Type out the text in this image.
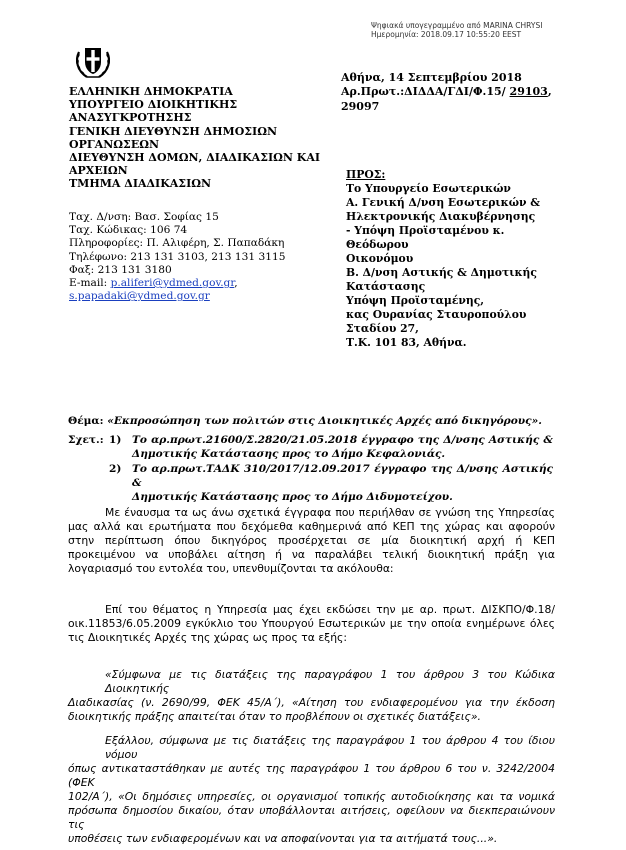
Ψηφιακά υπογεγραμμένο από MARINA CHRYSI
Ημερομηνία: 2018.09.17 10:55:20 EEST
ΕΛΛΗΝΙΚΗ ΔΗΜΟΚΡΑΤΙΑ
ΥΠΟΥΡΓΕΙΟ ΔΙΟΙΚΗΤΙΚΗΣ
ΑΝΑΣΥΓΚΡΟΤΗΣΗΣ
ΓΕΝΙΚΗ ΔΙΕΥΘΥΝΣΗ ΔΗΜΟΣΙΩΝ
ΟΡΓΑΝΩΣΕΩΝ
ΔΙΕΥΘΥΝΣΗ ΔΟΜΩΝ, ΔΙΑΔΙΚΑΣΙΩΝ ΚΑΙ
ΑΡΧΕΙΩΝ
ΤΜΗΜΑ ΔΙΑΔΙΚΑΣΙΩΝ
Ταχ. Δ/νση: Βασ. Σοφίας 15
Ταχ. Κώδικας: 106 74
Πληροφορίες: Π. Αλιφέρη, Σ. Παπαδάκη
Τηλέφωνο: 213 131 3103, 213 131 3115
Φαξ: 213 131 3180
E-mail: p.aliferi@ydmed.gov.gr,
s.papadaki@ydmed.gov.gr
Αθήνα, 14 Σεπτεμβρίου 2018
Αρ.Πρωτ.:ΔΙΔΔΑ/ΓΔΙ/Φ.15/ 29103,
29097
ΠΡΟΣ:
Το Υπουργείο Εσωτερικών
Α. Γενική Δ/νση Εσωτερικών &
Ηλεκτρονικής Διακυβέρνησης
- Υπόψη Προϊσταμένου κ. Θεόδωρου
Οικονόμου
Β. Δ/νση Αστικής & Δημοτικής
Κατάστασης
Υπόψη Προϊσταμένης,
κας Ουρανίας Σταυροπούλου
Σταδίου 27,
Τ.Κ. 101 83, Αθήνα.
Θέμα: «Εκπροσώπηση των πολιτών στις Διοικητικές Αρχές από δικηγόρους».
Σχετ.: 1)	Το αρ.πρωτ.21600/Σ.2820/21.05.2018 έγγραφο της Δ/νσης Αστικής &
Δημοτικής Κατάστασης προς το Δήμο Κεφαλονιάς.
2)	Το αρ.πρωτ.ΤΑΔΚ 310/2017/12.09.2017 έγγραφο της Δ/νσης Αστικής &
Δημοτικής Κατάστασης προς το Δήμο Διδυμοτείχου.
Με έναυσμα τα ως άνω σχετικά έγγραφα που περιήλθαν σε γνώση της Υπηρεσίας
μας αλλά και ερωτήματα που δεχόμεθα καθημερινά από ΚΕΠ της χώρας και αφορούν
στην περίπτωση όπου δικηγόρος προσέρχεται σε μία διοικητική αρχή ή ΚΕΠ
προκειμένου να υποβάλει αίτηση ή να παραλάβει τελική διοικητική πράξη για
λογαριασμό του εντολέα του, υπενθυμίζονται τα ακόλουθα:
Επί του θέματος η Υπηρεσία μας έχει εκδώσει την με αρ. πρωτ. ΔΙΣΚΠΟ/Φ.18/
οικ.11853/6.05.2009 εγκύκλιο του Υπουργού Εσωτερικών με την οποία ενημέρωνε όλες
τις Διοικητικές Αρχές της χώρας ως προς τα εξής:
«Σύμφωνα με τις διατάξεις της παραγράφου 1 του άρθρου 3 του Κώδικα Διοικητικής
Διαδικασίας (ν. 2690/99, ΦΕΚ 45/Α΄), «Αίτηση του ενδιαφερομένου για την έκδοση
διοικητικής πράξης απαιτείται όταν το προβλέπουν οι σχετικές διατάξεις».
Εξάλλου, σύμφωνα με τις διατάξεις της παραγράφου 1 του άρθρου 4 του ίδιου νόμου
όπως αντικαταστάθηκαν με αυτές της παραγράφου 1 του άρθρου 6 του ν. 3242/2004 (ΦΕΚ
102/Α΄), «Οι δημόσιες υπηρεσίες, οι οργανισμοί τοπικής αυτοδιοίκησης και τα νομικά
πρόσωπα δημοσίου δικαίου, όταν υποβάλλονται αιτήσεις, οφείλουν να διεκπεραιώνουν τις
υποθέσεις των ενδιαφερομένων και να αποφαίνονται για τα αιτήματά τους...».
